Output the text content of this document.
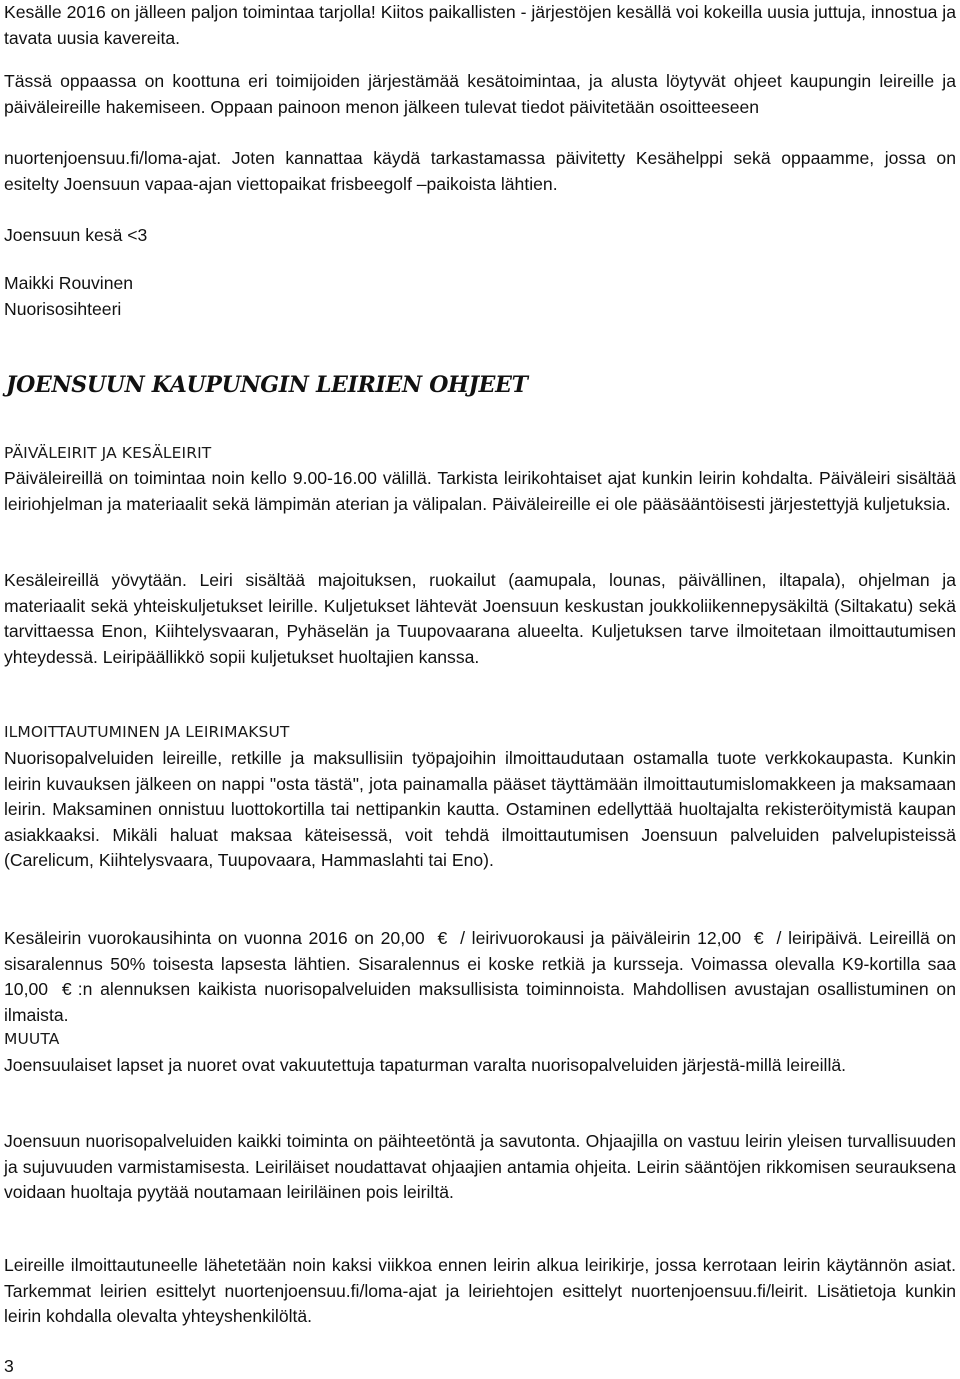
Kesälle 2016 on jälleen paljon toimintaa tarjolla! Kiitos paikallisten - järjestöjen kesällä voi kokeilla uusia juttuja, innostua ja tavata uusia kavereita.

Tässä oppaassa on koottuna eri toimijoiden järjestämää kesätoimintaa, ja alusta löytyvät ohjeet kaupungin leireille ja päiväleireille hakemiseen. Oppaan painoon menon jälkeen tulevat tiedot päivitetään osoitteeseen

nuortenjoensuu.fi/loma-ajat. Joten kannattaa käydä tarkastamassa päivitetty Kesähelppi sekä oppaamme, jossa on esitelty Joensuun vapaa-ajan viettopaikat frisbeegolf –paikoista lähtien.

Joensuun kesä <3

Maikki Rouvinen

Nuorisosihteeri

JOENSUUN KAUPUNGIN LEIRIEN OHJEET
PÄIVÄLEIRIT JA KESÄLEIRIT

Päiväleireillä on toimintaa noin kello 9.00-16.00 välillä. Tarkista leirikohtaiset ajat kunkin leirin kohdalta. Päiväleiri sisältää leiriohjelman ja materiaalit sekä lämpimän aterian ja välipalan. Päiväleireille ei ole pääsääntöisesti järjestettyjä kuljetuksia.

Kesäleireillä yövytään. Leiri sisältää majoituksen, ruokailut (aamupala, lounas, päivällinen, iltapala), ohjelman ja materiaalit sekä yhteiskuljetukset leirille. Kuljetukset lähtevät Joensuun keskustan joukkoliikennepysäkiltä (Siltakatu) sekä tarvittaessa Enon, Kiihtelysvaaran, Pyhäselän ja Tuupovaarana alueelta. Kuljetuksen tarve ilmoitetaan ilmoittautumisen yhteydessä. Leiripäällikkö sopii kuljetukset huoltajien kanssa.

ILMOITTAUTUMINEN JA LEIRIMAKSUT

Nuorisopalveluiden leireille, retkille ja maksullisiin työpajoihin ilmoittaudutaan ostamalla tuote verkkokaupasta. Kunkin leirin kuvauksen jälkeen on nappi "osta tästä", jota painamalla pääset täyttämään ilmoittautumislomakkeen ja maksamaan leirin. Maksaminen onnistuu luottokortilla tai nettipankin kautta. Ostaminen edellyttää huoltajalta rekisteröitymistä kaupan asiakkaaksi. Mikäli haluat maksaa käteisessä, voit tehdä ilmoittautumisen Joensuun palveluiden palvelupisteissä (Carelicum, Kiihtelysvaara, Tuupovaara, Hammaslahti tai Eno).

Kesäleirin vuorokausihinta on vuonna 2016 on 20,00 € / leirivuorokausi ja päiväleirin 12,00 € / leiripäivä. Leireillä on sisaralennus 50% toisesta lapsesta lähtien. Sisaralennus ei koske retkiä ja kursseja. Voimassa olevalla K9-kortilla saa 10,00 € :n alennuksen kaikista nuorisopalveluiden maksullisista toiminnoista. Mahdollisen avustajan osallistuminen on ilmaista.

MUUTA

Joensuulaiset lapset ja nuoret ovat vakuutettuja tapaturman varalta nuorisopalveluiden järjestä-millä leireillä.

Joensuun nuorisopalveluiden kaikki toiminta on päihteetöntä ja savutonta. Ohjaajilla on vastuu leirin yleisen turvallisuuden ja sujuvuuden varmistamisesta. Leiriläiset noudattavat ohjaajien antamia ohjeita. Leirin sääntöjen rikkomisen seurauksena voidaan huoltaja pyytää noutamaan leiriläinen pois leiriltä.

Leireille ilmoittautuneelle lähetetään noin kaksi viikkoa ennen leirin alkua leirikirje, jossa kerrotaan leirin käytännön asiat. Tarkemmat leirien esittelyt nuortenjoensuu.fi/loma-ajat ja leiriehtojen esittelyt nuortenjoensuu.fi/leirit. Lisätietoja kunkin leirin kohdalla olevalta yhteyshenkilöltä.

3
